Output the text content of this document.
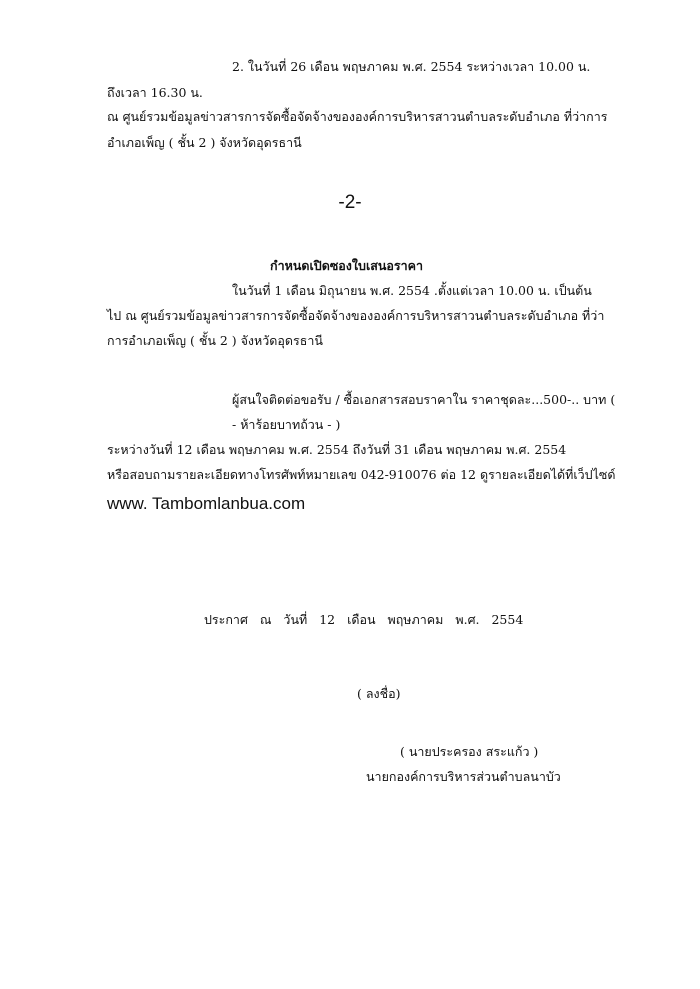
2. ในวันที่ 26 เดือน พฤษภาคม พ.ศ. 2554 ระหว่างเวลา 10.00 น.
ถึงเวลา 16.30 น.
ณ ศูนย์รวมข้อมูลข่าวสารการจัดซื้อจัดจ้างขององค์การบริหารสาวนตำบลระดับอำเภอ ที่ว่าการ
อำเภอเพ็ญ ( ชั้น 2 ) จังหวัดอุดรธานี
-2-
กำหนดเปิดซองใบเสนอราคา
ในวันที่ 1 เดือน มิถุนายน พ.ศ. 2554 .ตั้งแต่เวลา 10.00 น. เป็นต้น
ไป ณ ศูนย์รวมข้อมูลข่าวสารการจัดซื้อจัดจ้างขององค์การบริหารสาวนตำบลระดับอำเภอ ที่ว่า
การอำเภอเพ็ญ ( ชั้น 2 ) จังหวัดอุดรธานี
ผู้สนใจติดต่อขอรับ / ซื้อเอกสารสอบราคาใน ราคาชุดละ...500-.. บาท (
- ห้าร้อยบาทถ้วน - )
ระหว่างวันที่ 12 เดือน พฤษภาคม พ.ศ. 2554 ถึงวันที่ 31 เดือน พฤษภาคม พ.ศ. 2554
หรือสอบถามรายละเอียดทางโทรศัพท์หมายเลข 042-910076 ต่อ 12 ดูรายละเอียดได้ที่เว็ปไซด์
www. Tambomlanbua.com
ประกาศ ณ วันที่ 12 เดือน พฤษภาคม พ.ศ. 2554
( ลงชื่อ)
( นายประครอง สระแก้ว )
นายกองค์การบริหารส่วนตำบลนาบัว
